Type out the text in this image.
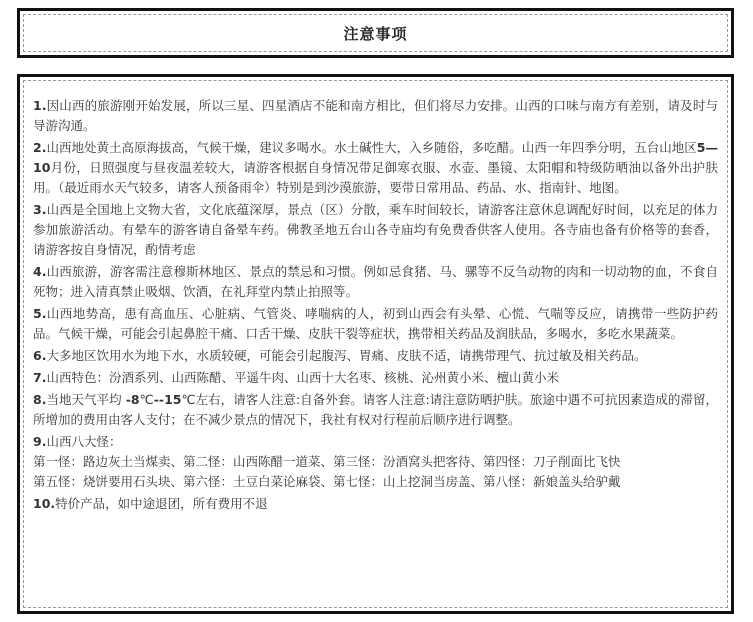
注意事项

1.因山西的旅游刚开始发展，所以三星、四星酒店不能和南方相比，但们将尽力安排。山西的口味与南方有差别，请及时与导游沟通。

2.山西地处黄土高原海拔高，气候干燥，建议多喝水。水土碱性大，入乡随俗，多吃醋。山西一年四季分明，五台山地区5—10月份，日照强度与昼夜温差较大，请游客根据自身情况带足御寒衣服、水壶、墨镜、太阳帽和特级防晒油以备外出护肤用。（最近雨水天气较多，请客人预备雨伞）特别是到沙漠旅游，要带日常用品、药品、水、指南针、地图。

3.山西是全国地上文物大省，文化底蕴深厚，景点（区）分散，乘车时间较长，请游客注意休息调配好时间，以充足的体力参加旅游活动。有晕车的游客请自备晕车药。佛教圣地五台山各寺庙均有免费香供客人使用。各寺庙也备有价格等的套香，请游客按自身情况，酌情考虑

4.山西旅游，游客需注意穆斯林地区、景点的禁忌和习惯。例如忌食猪、马、骡等不反刍动物的肉和一切动物的血，不食自死物；进入清真禁止吸烟、饮酒，在礼拜堂内禁止拍照等。

5.山西地势高，患有高血压、心脏病、气管炎、哮喘病的人，初到山西会有头晕、心慌、气喘等反应，请携带一些防护药品。气候干燥，可能会引起鼻腔干痛、口舌干燥、皮肤干裂等症状，携带相关药品及润肤品，多喝水，多吃水果蔬菜。

6.大多地区饮用水为地下水，水质较硬，可能会引起腹泻、胃痛、皮肤不适，请携带理气、抗过敏及相关药品。

7.山西特色：汾酒系列、山西陈醋、平遥牛肉、山西十大名枣、核桃、沁州黄小米、檀山黄小米

8.当地天气平均 -8℃--15℃左右，请客人注意:自备外套。请客人注意:请注意防晒护肤。旅途中遇不可抗因素造成的滞留，所增加的费用由客人支付；在不减少景点的情况下，我社有权对行程前后顺序进行调整。

9.山西八大怪：
第一怪：路边灰土当煤卖、第二怪：山西陈醋一道菜、第三怪：汾酒窝头把客待、第四怪：刀子削面比飞快
第五怪：烧饼要用石头块、第六怪：土豆白菜论麻袋、第七怪：山上挖洞当房盖、第八怪：新娘盖头给驴戴

10.特价产品，如中途退团，所有费用不退
